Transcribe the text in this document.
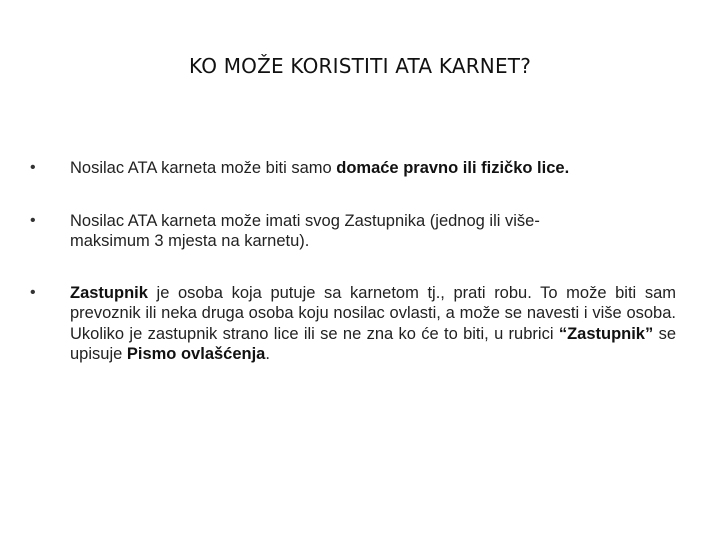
KO MOŽE KORISTITI ATA KARNET?
•	Nosilac ATA karneta može biti samo domaće pravno ili fizičko lice.
•	Nosilac ATA karneta može imati svog Zastupnika (jednog ili više-
maksimum 3 mjesta na karnetu).
•	Zastupnik je osoba koja putuje sa karnetom tj., prati robu. To može biti sam prevoznik ili neka druga osoba koju nosilac ovlasti, a može se navesti i više osoba. Ukoliko je zastupnik strano lice ili se ne zna ko će to biti, u rubrici “Zastupnik” se upisuje Pismo ovlašćenja.
